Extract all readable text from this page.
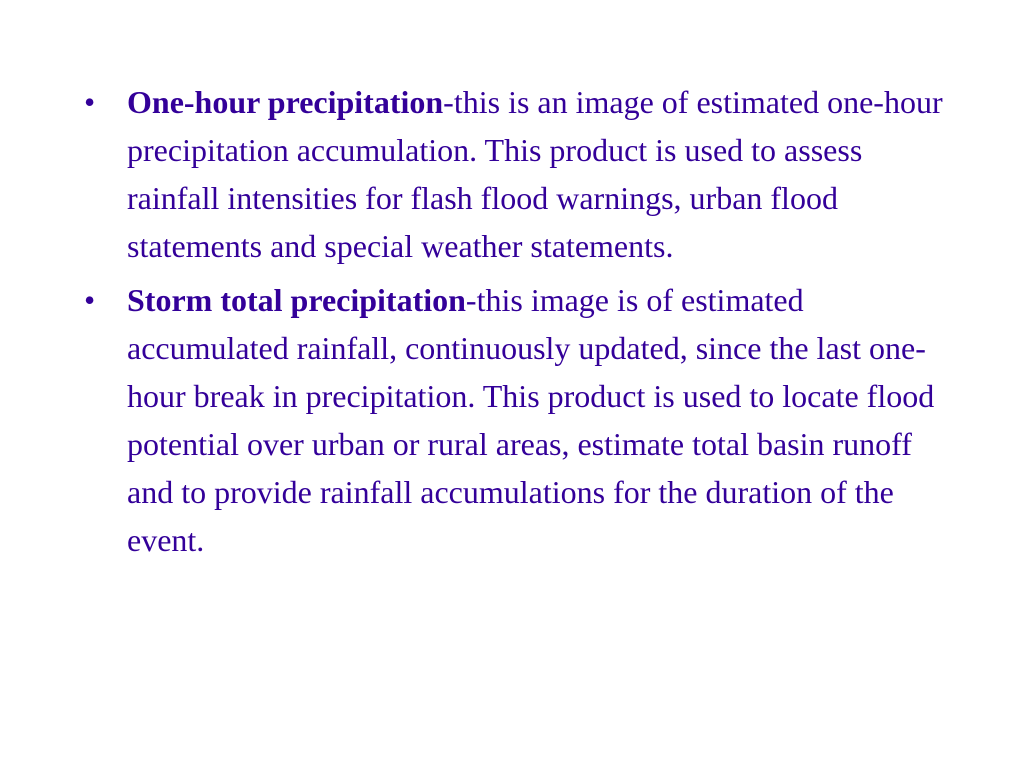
• One-hour precipitation-this is an image of estimated one-hour precipitation accumulation. This product is used to assess rainfall intensities for flash flood warnings, urban flood statements and special weather statements.
• Storm total precipitation-this image is of estimated accumulated rainfall, continuously updated, since the last one-hour break in precipitation. This product is used to locate flood potential over urban or rural areas, estimate total basin runoff and to provide rainfall accumulations for the duration of the event.
